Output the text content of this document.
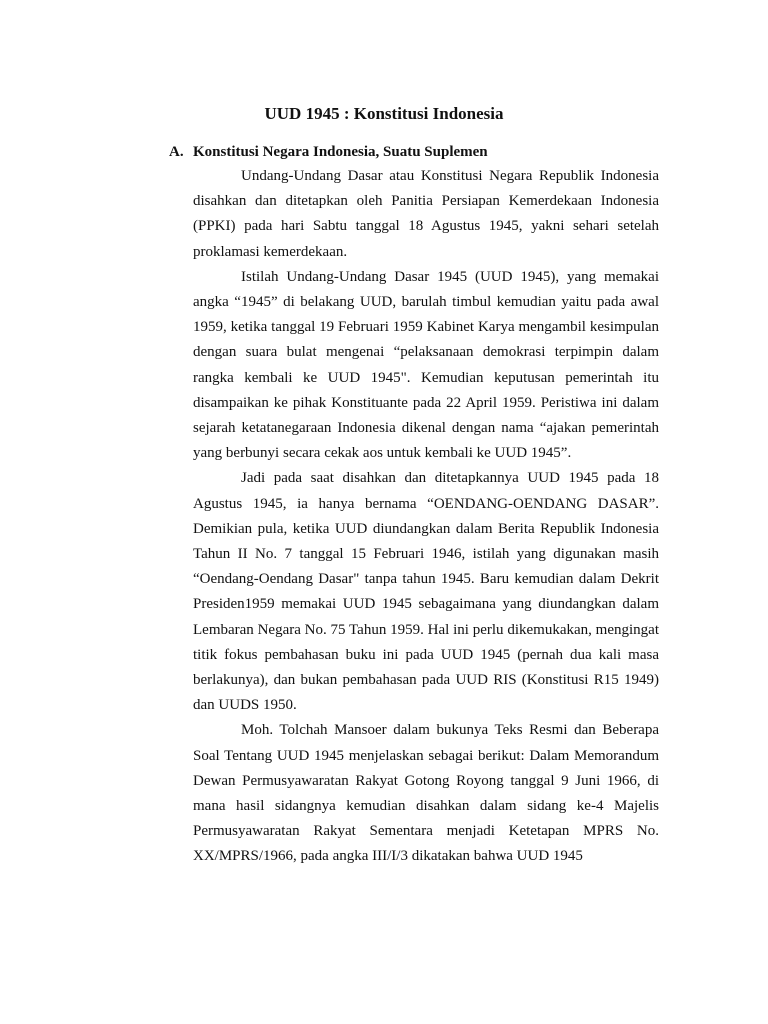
UUD 1945 : Konstitusi Indonesia
A. Konstitusi Negara Indonesia, Suatu Suplemen

Undang-Undang Dasar atau Konstitusi Negara Republik Indonesia disahkan dan ditetapkan oleh Panitia Persiapan Kemerdekaan Indonesia (PPKI) pada hari Sabtu tanggal 18 Agustus 1945, yakni sehari setelah proklamasi kemerdekaan.

Istilah Undang-Undang Dasar 1945 (UUD 1945), yang memakai angka “1945” di belakang UUD, barulah timbul kemudian yaitu pada awal 1959, ketika tanggal 19 Februari 1959 Kabinet Karya mengambil kesimpulan dengan suara bulat mengenai “pelaksanaan demokrasi terpimpin dalam rangka kembali ke UUD 1945". Kemudian keputusan pemerintah itu disampaikan ke pihak Konstituante pada 22 April 1959. Peristiwa ini dalam sejarah ketatanegaraan Indonesia dikenal dengan nama “ajakan pemerintah yang berbunyi secara cekak aos untuk kembali ke UUD 1945”.

Jadi pada saat disahkan dan ditetapkannya UUD 1945 pada 18 Agustus 1945, ia hanya bernama “OENDANG-OENDANG DASAR”. Demikian pula, ketika UUD diundangkan dalam Berita Republik Indonesia Tahun II No. 7 tanggal 15 Februari 1946, istilah yang digunakan masih “Oendang-Oendang Dasar" tanpa tahun 1945. Baru kemudian dalam Dekrit Presiden1959 memakai UUD 1945 sebagaimana yang diundangkan dalam Lembaran Negara No. 75 Tahun 1959. Hal ini perlu dikemukakan, mengingat titik fokus pembahasan buku ini pada UUD 1945 (pernah dua kali masa berlakunya), dan bukan pembahasan pada UUD RIS (Konstitusi R15 1949) dan UUDS 1950.

Moh. Tolchah Mansoer dalam bukunya Teks Resmi dan Beberapa Soal Tentang UUD 1945 menjelaskan sebagai berikut: Dalam Memorandum Dewan Permusyawaratan Rakyat Gotong Royong tanggal 9 Juni 1966, di mana hasil sidangnya kemudian disahkan dalam sidang ke-4 Majelis Permusyawaratan Rakyat Sementara menjadi Ketetapan MPRS No. XX/MPRS/1966, pada angka III/I/3 dikatakan bahwa UUD 1945
